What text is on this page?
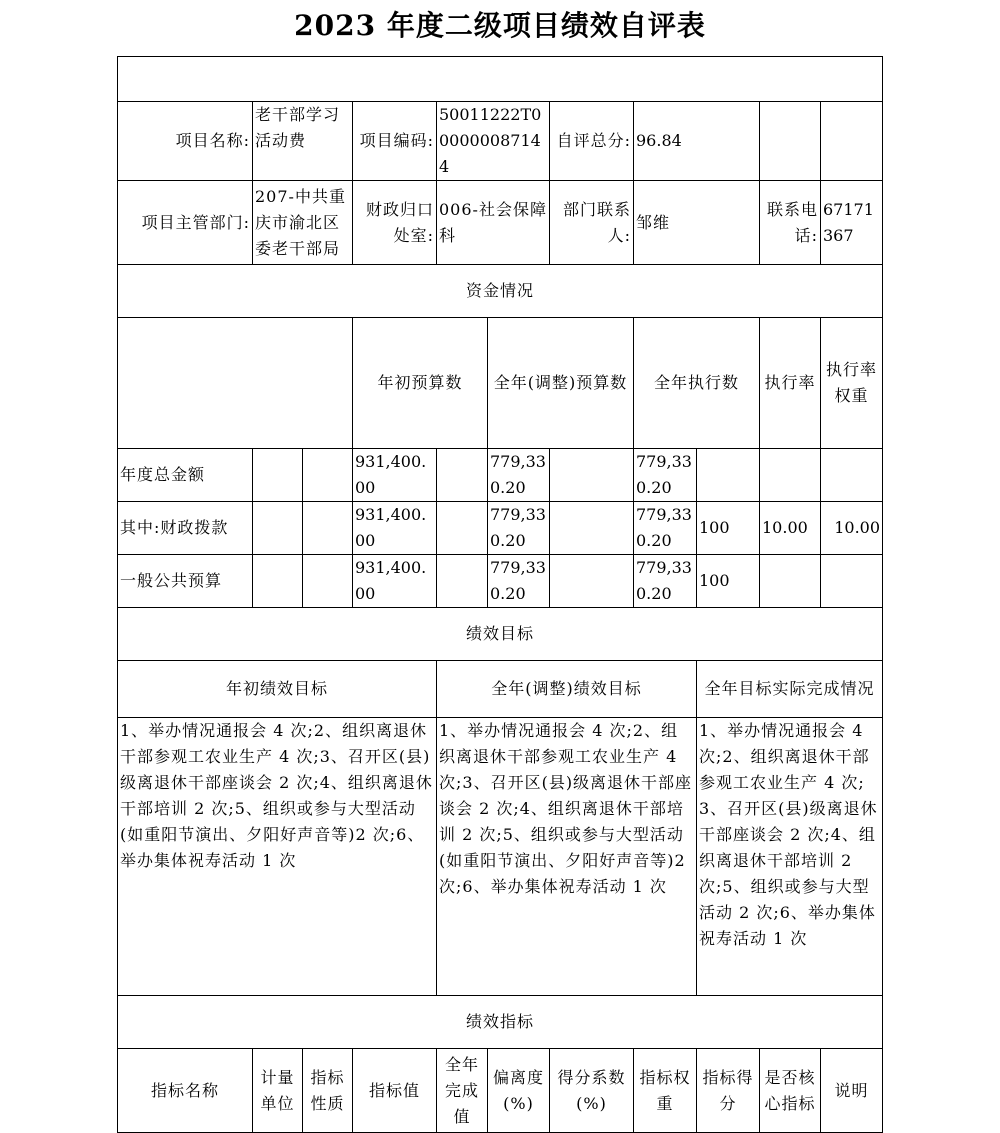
2023 年度二级项目绩效自评表

项目名称:	老干部学习活动费		项目编码:	50011222T000000087144		自评总分:	96.84				
项目主管部门:	207-中共重庆市渝北区委老干部局		财政归口处室:	006-社会保障科		部门联系人:	邹维		联系电话:	67171367	
资金情况											
			年初预算数		全年(调整)预算数		全年执行数		执行率	执行率权重	
年度总金额			931,400.00		779,330.20		779,330.20				
其中:财政拨款			931,400.00		779,330.20		779,330.20	100	10.00	10.00	
一般公共预算			931,400.00		779,330.20		779,330.20	100			
绩效目标											
年初绩效目标				全年(调整)绩效目标				全年目标实际完成情况			
1、举办情况通报会 4 次;2、组织离退休干部参观工农业生产 4 次;3、召开区(县)级离退休干部座谈会 2 次;4、组织离退休干部培训 2 次;5、组织或参与大型活动(如重阳节演出、夕阳好声音等)2 次;6、举办集体祝寿活动 1 次				1、举办情况通报会 4 次;2、组织离退休干部参观工农业生产 4 次;3、召开区(县)级离退休干部座谈会 2 次;4、组织离退休干部培训 2 次;5、组织或参与大型活动(如重阳节演出、夕阳好声音等)2 次;6、举办集体祝寿活动 1 次				1、举办情况通报会 4 次;2、组织离退休干部参观工农业生产 4 次;3、召开区(县)级离退休干部座谈会 2 次;4、组织离退休干部培训 2 次;5、组织或参与大型活动 2 次;6、举办集体祝寿活动 1 次			
绩效指标											
指标名称	计量单位	指标性质	指标值	全年完成值	偏离度(%)	得分系数(%)	指标权重	指标得分	是否核心指标	说明	
